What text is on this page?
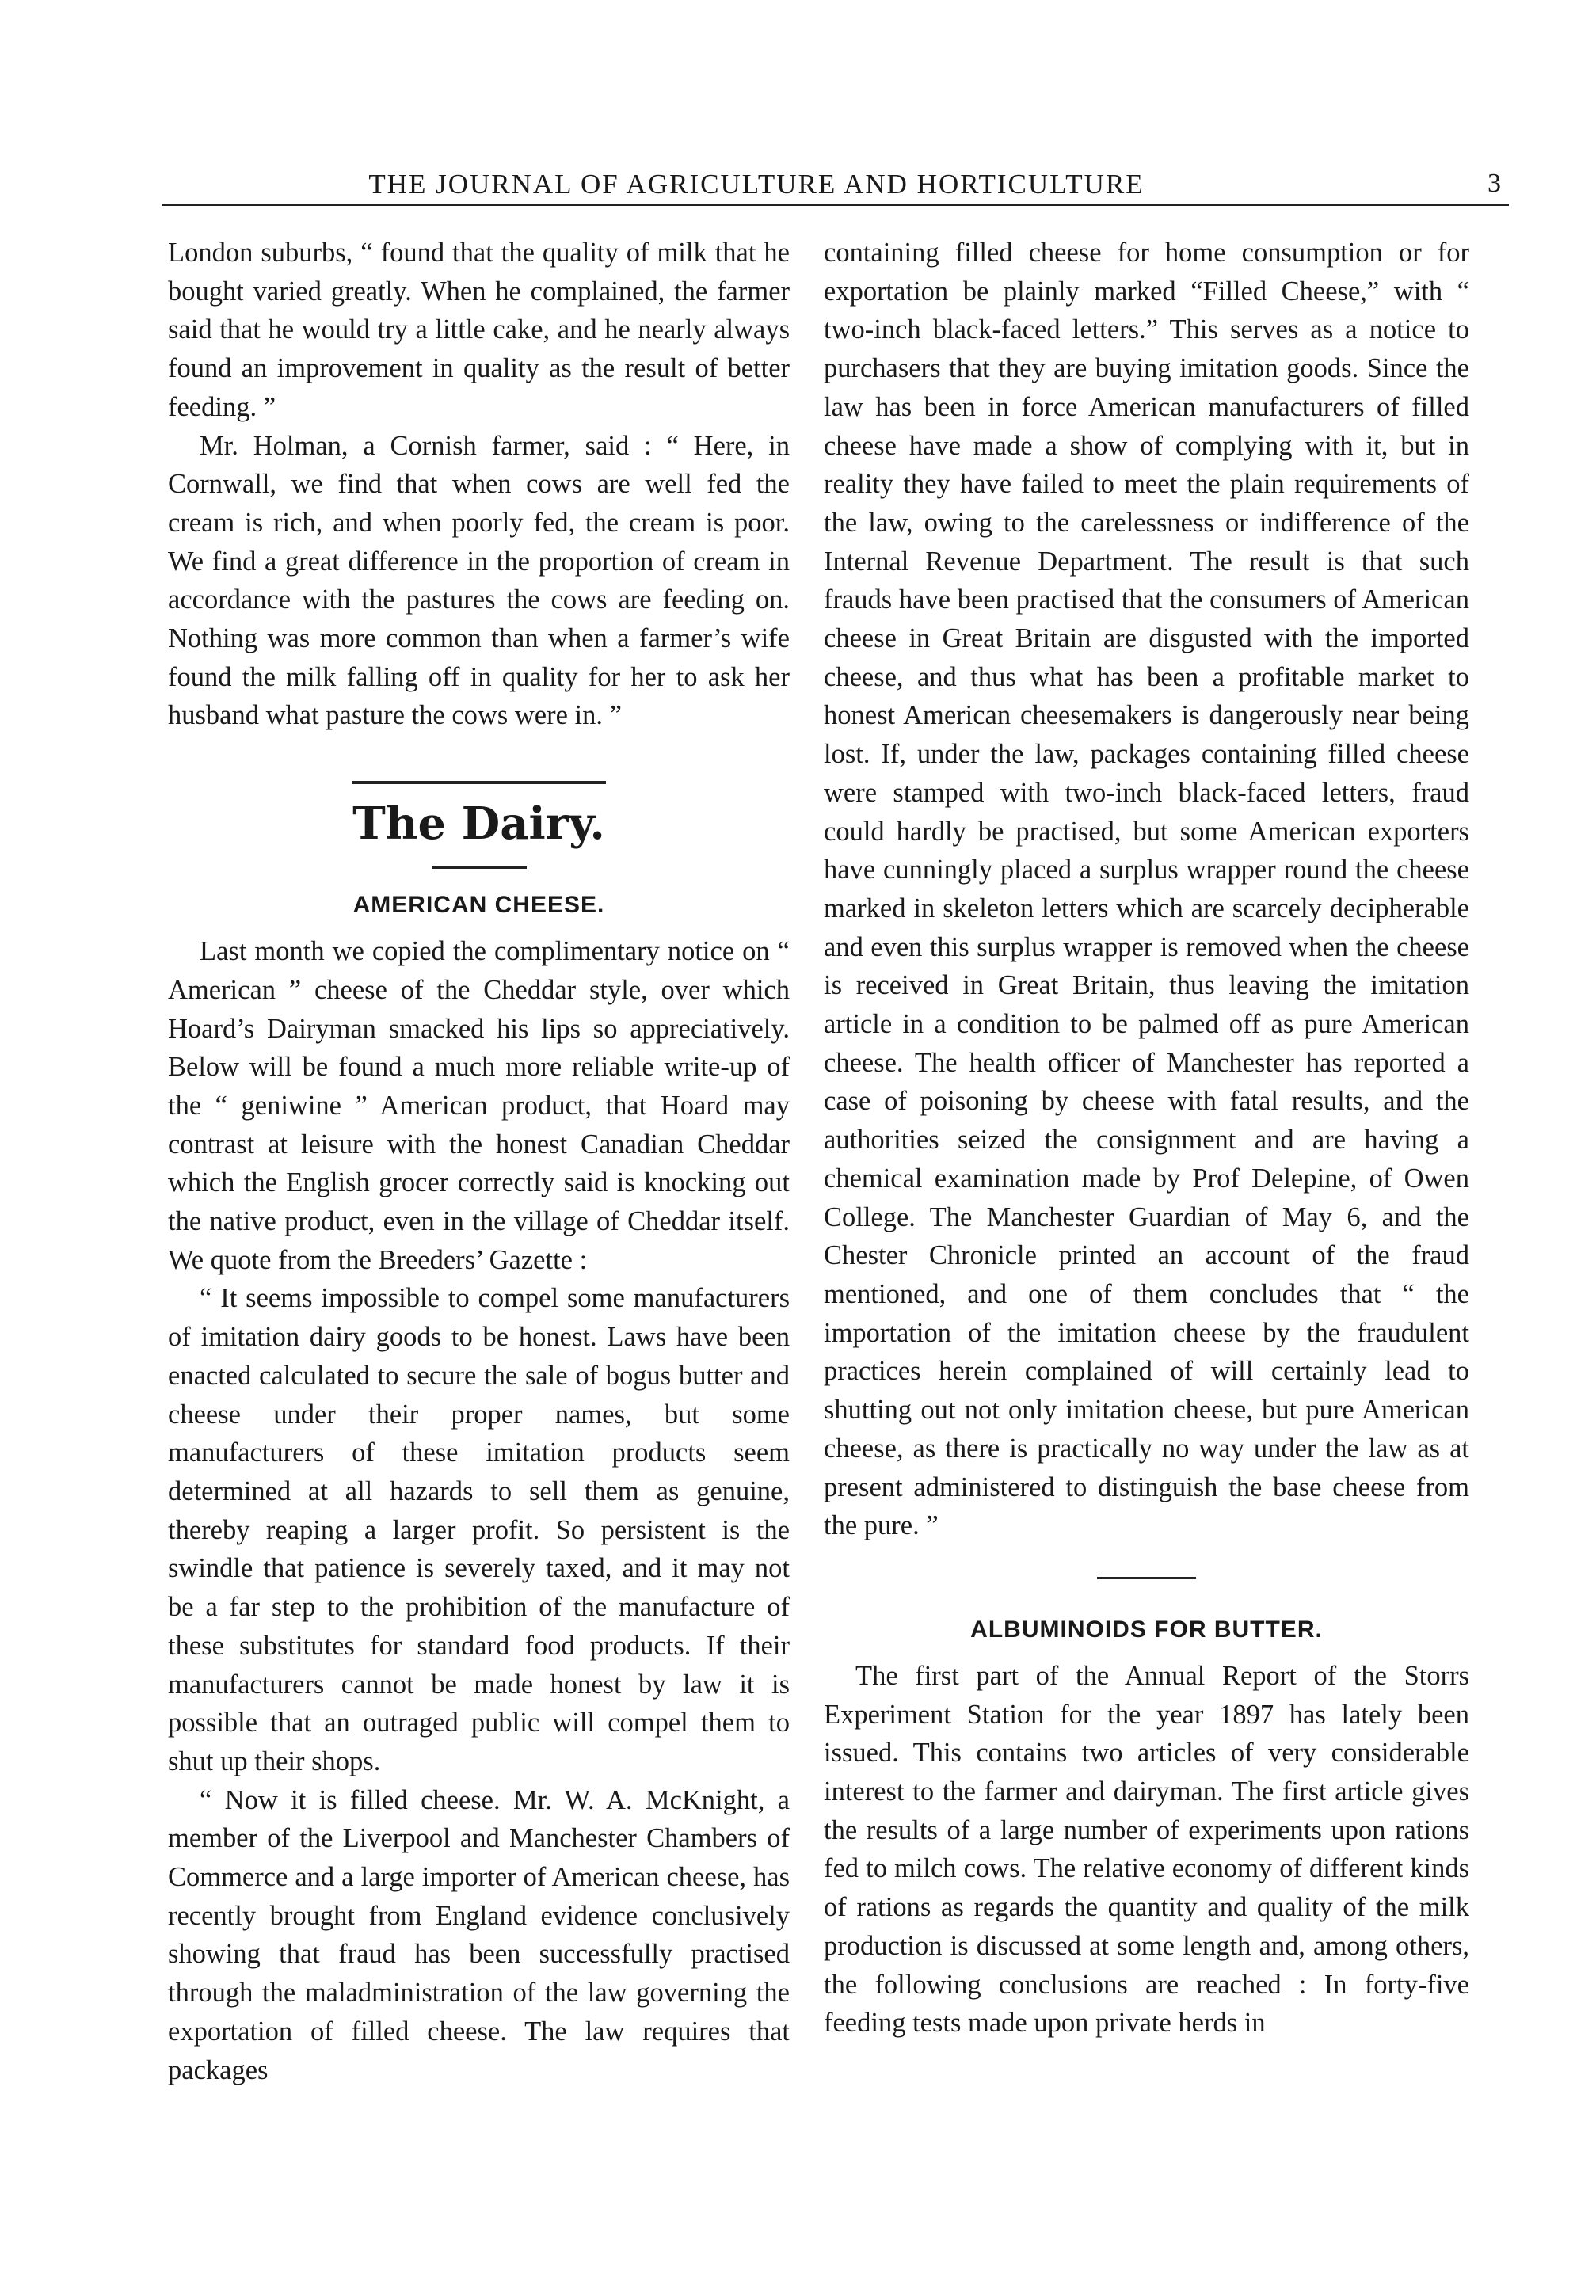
THE JOURNAL OF AGRICULTURE AND HORTICULTURE	3

London suburbs, “ found that the quality of milk that he bought varied greatly. When he complained, the farmer said that he would try a little cake, and he nearly always found an improvement in quality as the result of better feeding. ”

Mr. Holman, a Cornish farmer, said : “ Here, in Cornwall, we find that when cows are well fed the cream is rich, and when poorly fed, the cream is poor. We find a great difference in the proportion of cream in accordance with the pastures the cows are feeding on. Nothing was more common than when a farmer’s wife found the milk falling off in quality for her to ask her husband what pasture the cows were in. ”

The Dairy.
AMERICAN CHEESE.

Last month we copied the complimentary notice on “ American ” cheese of the Cheddar style, over which Hoard’s Dairyman smacked his lips so appreciatively. Below will be found a much more reliable write-up of the “ geniwine ” American product, that Hoard may contrast at leisure with the honest Canadian Cheddar which the English grocer correctly said is knocking out the native product, even in the village of Cheddar itself. We quote from the Breeders’ Gazette :

“ It seems impossible to compel some manufacturers of imitation dairy goods to be honest. Laws have been enacted calculated to secure the sale of bogus butter and cheese under their proper names, but some manufacturers of these imitation products seem determined at all hazards to sell them as genuine, thereby reaping a larger profit. So persistent is the swindle that patience is severely taxed, and it may not be a far step to the prohibition of the manufacture of these substitutes for standard food products. If their manufacturers cannot be made honest by law it is possible that an outraged public will compel them to shut up their shops.

“ Now it is filled cheese. Mr. W. A. McKnight, a member of the Liverpool and Manchester Chambers of Commerce and a large importer of American cheese, has recently brought from England evidence conclusively showing that fraud has been successfully practised through the maladministration of the law governing the exportation of filled cheese. The law requires that packages

containing filled cheese for home consumption or for exportation be plainly marked “Filled Cheese,” with “ two-inch black-faced letters.” This serves as a notice to purchasers that they are buying imitation goods. Since the law has been in force American manufacturers of filled cheese have made a show of complying with it, but in reality they have failed to meet the plain requirements of the law, owing to the carelessness or indifference of the Internal Revenue Department. The result is that such frauds have been practised that the consumers of American cheese in Great Britain are disgusted with the imported cheese, and thus what has been a profitable market to honest American cheesemakers is dangerously near being lost. If, under the law, packages containing filled cheese were stamped with two-inch black-faced letters, fraud could hardly be practised, but some American exporters have cunningly placed a surplus wrapper round the cheese marked in skeleton letters which are scarcely decipherable and even this surplus wrapper is removed when the cheese is received in Great Britain, thus leaving the imitation article in a condition to be palmed off as pure American cheese. The health officer of Manchester has reported a case of poisoning by cheese with fatal results, and the authorities seized the consignment and are having a chemical examination made by Prof Delepine, of Owen College. The Manchester Guardian of May 6, and the Chester Chronicle printed an account of the fraud mentioned, and one of them concludes that “ the importation of the imitation cheese by the fraudulent practices herein complained of will certainly lead to shutting out not only imitation cheese, but pure American cheese, as there is practically no way under the law as at present administered to distinguish the base cheese from the pure. ”

ALBUMINOIDS FOR BUTTER.

The first part of the Annual Report of the Storrs Experiment Station for the year 1897 has lately been issued. This contains two articles of very considerable interest to the farmer and dairyman. The first article gives the results of a large number of experiments upon rations fed to milch cows. The relative economy of different kinds of rations as regards the quantity and quality of the milk production is discussed at some length and, among others, the following conclusions are reached : In forty-five feeding tests made upon private herds in
